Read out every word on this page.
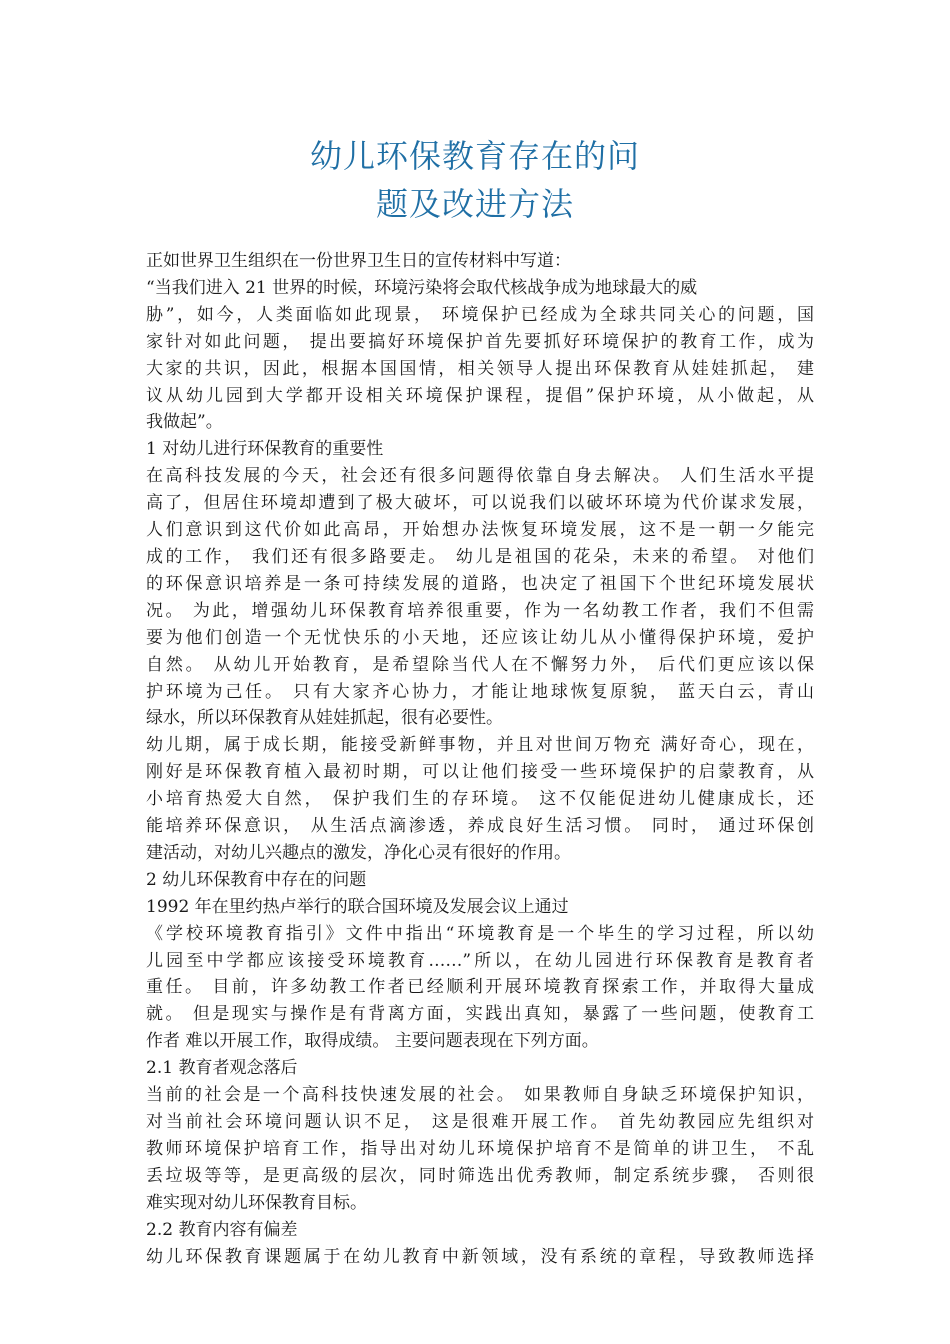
幼儿环保教育存在的问
题及改进方法
正如世界卫生组织在一份世界卫生日的宣传材料中写道：
“当我们进入 21 世界的时候，环境污染将会取代核战争成为地球最大的威
胁”，如今，人类面临如此现景， 环境保护已经成为全球共同关心的问题，国
家针对如此问题， 提出要搞好环境保护首先要抓好环境保护的教育工作，成为
大家的共识，因此，根据本国国情，相关领导人提出环保教育从娃娃抓起， 建
议从幼儿园到大学都开设相关环境保护课程，提倡”保护环境，从小做起，从
我做起”。
1 对幼儿进行环保教育的重要性
在高科技发展的今天，社会还有很多问题得依靠自身去解决。 人们生活水平提
高了，但居住环境却遭到了极大破坏，可以说我们以破坏环境为代价谋求发展，
人们意识到这代价如此高昂，开始想办法恢复环境发展，这不是一朝一夕能完
成的工作， 我们还有很多路要走。 幼儿是祖国的花朵，未来的希望。 对他们
的环保意识培养是一条可持续发展的道路，也决定了祖国下个世纪环境发展状
况。 为此，增强幼儿环保教育培养很重要，作为一名幼教工作者，我们不但需
要为他们创造一个无忧快乐的小天地，还应该让幼儿从小懂得保护环境，爱护
自然。 从幼儿开始教育，是希望除当代人在不懈努力外， 后代们更应该以保
护环境为己任。 只有大家齐心协力，才能让地球恢复原貌， 蓝天白云，青山
绿水，所以环保教育从娃娃抓起，很有必要性。
幼儿期，属于成长期，能接受新鲜事物，并且对世间万物充 满好奇心，现在，
刚好是环保教育植入最初时期，可以让他们接受一些环境保护的启蒙教育，从
小培育热爱大自然， 保护我们生的存环境。 这不仅能促进幼儿健康成长，还
能培养环保意识， 从生活点滴渗透，养成良好生活习惯。 同时， 通过环保创
建活动，对幼儿兴趣点的激发，净化心灵有很好的作用。
2 幼儿环保教育中存在的问题
1992 年在里约热卢举行的联合国环境及发展会议上通过
《学校环境教育指引》文件中指出“环境教育是一个毕生的学习过程，所以幼
儿园至中学都应该接受环境教育……”所以，在幼儿园进行环保教育是教育者
重任。 目前，许多幼教工作者已经顺利开展环境教育探索工作，并取得大量成
就。 但是现实与操作是有背离方面，实践出真知，暴露了一些问题，使教育工
作者 难以开展工作，取得成绩。 主要问题表现在下列方面。
2.1 教育者观念落后
当前的社会是一个高科技快速发展的社会。 如果教师自身缺乏环境保护知识，
对当前社会环境问题认识不足， 这是很难开展工作。 首先幼教园应先组织对
教师环境保护培育工作，指导出对幼儿环境保护培育不是简单的讲卫生， 不乱
丢垃圾等等，是更高级的层次，同时筛选出优秀教师，制定系统步骤， 否则很
难实现对幼儿环保教育目标。
2.2 教育内容有偏差
幼儿环保教育课题属于在幼儿教育中新领域，没有系统的章程，导致教师选择
